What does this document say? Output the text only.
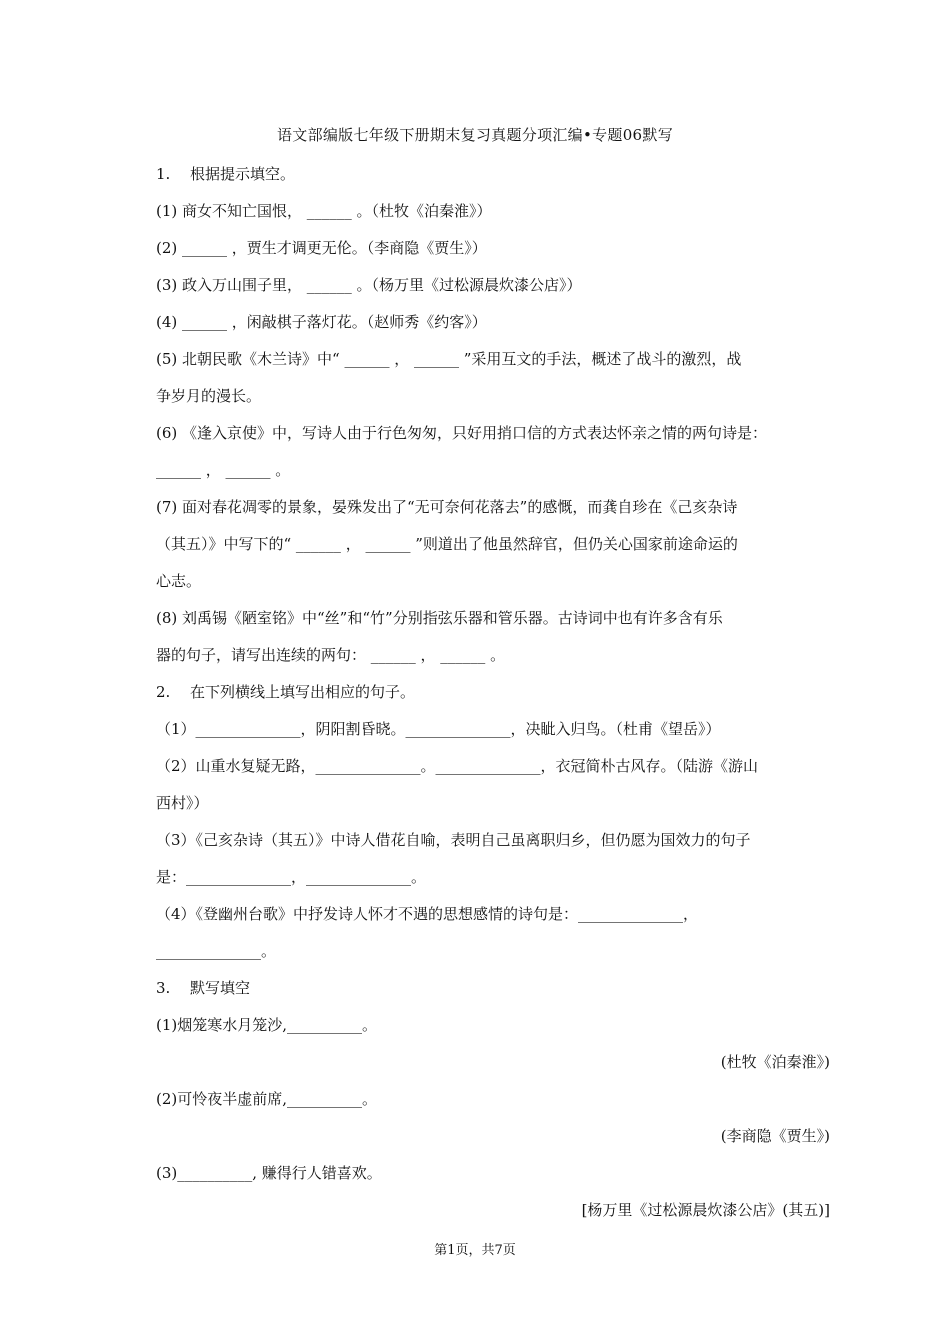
语文部编版七年级下册期末复习真题分项汇编•专题06默写
1. 根据提示填空。
(1) 商女不知亡国恨， ______ 。（杜牧《泊秦淮》）
(2) ______ ，贾生才调更无伦。（李商隐《贾生》）
(3) 政入万山围子里， ______ 。（杨万里《过松源晨炊漆公店》）
(4) ______ ，闲敲棋子落灯花。（赵师秀《约客》）
(5) 北朝民歌《木兰诗》中“ ______ ， ______ ”采用互文的手法，概述了战斗的激烈，战
争岁月的漫长。
(6) 《逢入京使》中，写诗人由于行色匆匆，只好用捎口信的方式表达怀亲之情的两句诗是：
______ ， ______ 。
(7) 面对春花凋零的景象，晏殊发出了“无可奈何花落去”的感慨，而龚自珍在《己亥杂诗
（其五）》中写下的“ ______ ， ______ ”则道出了他虽然辞官，但仍关心国家前途命运的
心志。
(8) 刘禹锡《陋室铭》中“丝”和“竹”分别指弦乐器和管乐器。古诗词中也有许多含有乐
器的句子，请写出连续的两句： ______ ， ______ 。
2. 在下列横线上填写出相应的句子。
（1）______________，阴阳割昏晓。______________，决眦入归鸟。（杜甫《望岳》）
（2）山重水复疑无路，______________。______________，衣冠简朴古风存。（陆游《游山
西村》）
（3）《己亥杂诗（其五）》中诗人借花自喻，表明自己虽离职归乡，但仍愿为国效力的句子
是：______________，______________。
（4）《登幽州台歌》中抒发诗人怀才不遇的思想感情的诗句是：______________，
______________。
3. 默写填空
(1)烟笼寒水月笼沙,__________。
(杜牧《泊秦淮》)
(2)可怜夜半虚前席,__________。
(李商隐《贾生》)
(3)__________, 赚得行人错喜欢。
[杨万里《过松源晨炊漆公店》(其五)]
第1页，共7页
